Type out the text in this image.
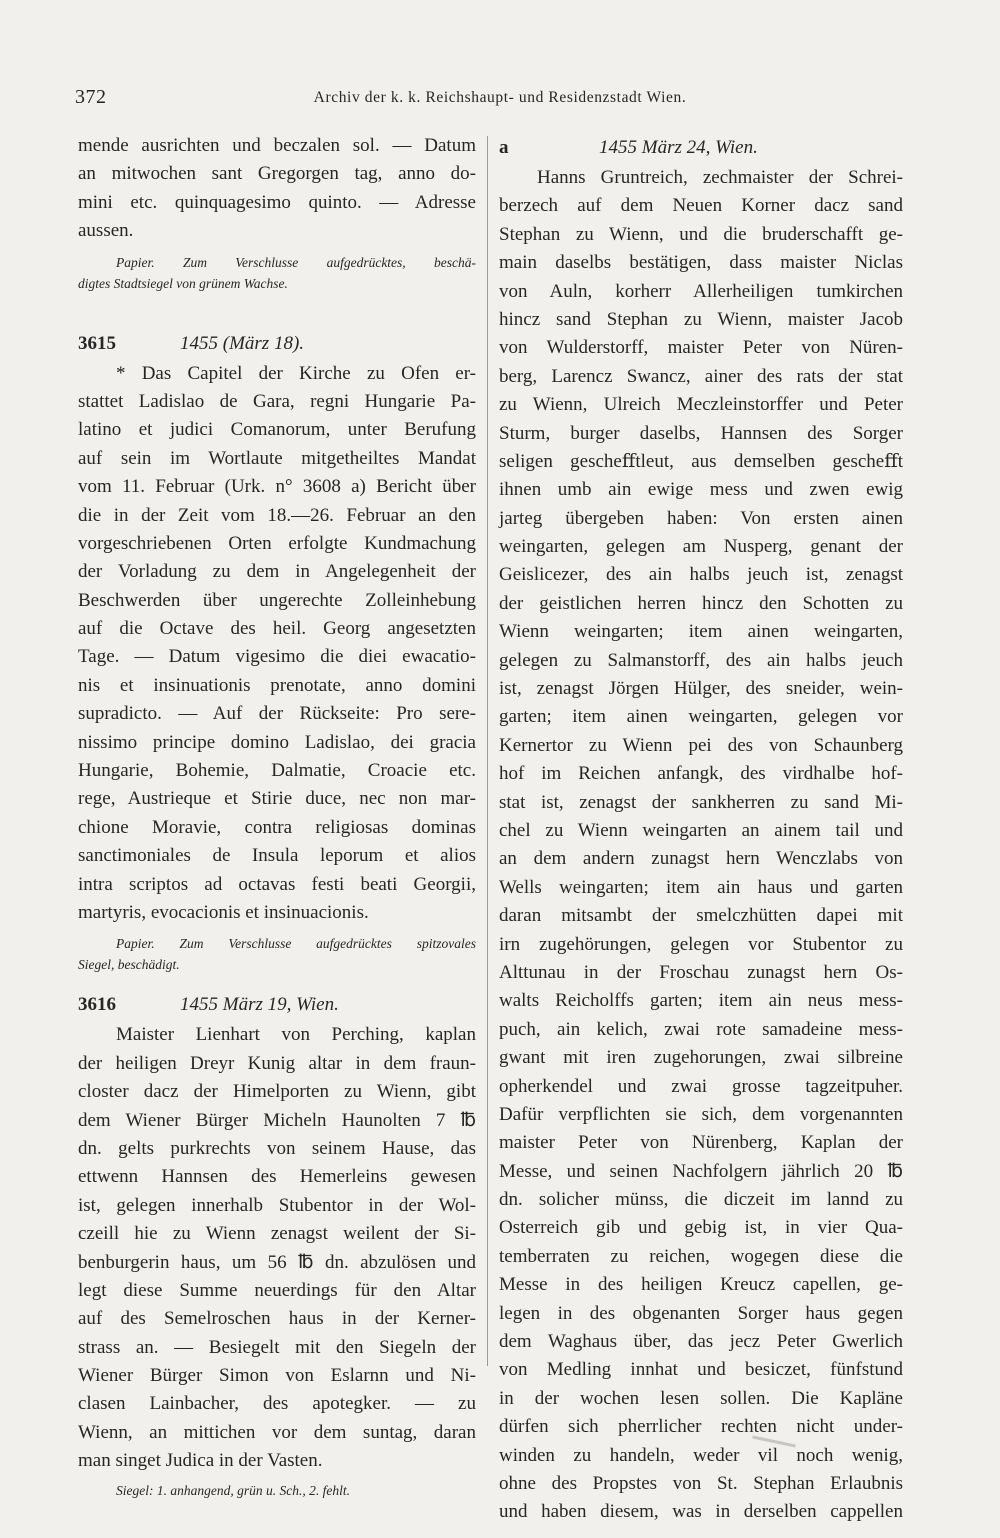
372	Archiv der k. k. Reichshaupt- und Residenzstadt Wien.
mende ausrichten und beczalen sol. — Datum
an mitwochen sant Gregorgen tag, anno do-
mini etc. quinquagesimo quinto. — Adresse
aussen.
Papier. Zum Verschlusse aufgedrücktes, beschä-
digtes Stadtsiegel von grünem Wachse.
3615	1455 (März 18).
* Das Capitel der Kirche zu Ofen er-
stattet Ladislao de Gara, regni Hungarie Pa-
latino et judici Comanorum, unter Berufung
auf sein im Wortlaute mitgetheiltes Mandat
vom 11. Februar (Urk. n° 3608 a) Bericht über
die in der Zeit vom 18.—26. Februar an den
vorgeschriebenen Orten erfolgte Kundmachung
der Vorladung zu dem in Angelegenheit der
Beschwerden über ungerechte Zolleinhebung
auf die Octave des heil. Georg angesetzten
Tage. — Datum vigesimo die diei ewacatio-
nis et insinuationis prenotate, anno domini
supradicto. — Auf der Rückseite: Pro sere-
nissimo principe domino Ladislao, dei gracia
Hungarie, Bohemie, Dalmatie, Croacie etc.
rege, Austrieque et Stirie duce, nec non mar-
chione Moravie, contra religiosas dominas
sanctimoniales de Insula leporum et alios
intra scriptos ad octavas festi beati Georgii,
martyris, evocacionis et insinuacionis.
Papier. Zum Verschlusse aufgedrücktes spitzovales
Siegel, beschädigt.
3616	1455 März 19, Wien.
Maister Lienhart von Perching, kaplan
der heiligen Dreyr Kunig altar in dem fraun-
closter dacz der Himelporten zu Wienn, gibt
dem Wiener Bürger Micheln Haunolten 7 ℔
dn. gelts purkrechts von seinem Hause, das
ettwenn Hannsen des Hemerleins gewesen
ist, gelegen innerhalb Stubentor in der Wol-
czeill hie zu Wienn zenagst weilent der Si-
benburgerin haus, um 56 ℔ dn. abzulösen und
legt diese Summe neuerdings für den Altar
auf des Semelroschen haus in der Kerner-
strass an. — Besiegelt mit den Siegeln der
Wiener Bürger Simon von Eslarnn und Ni-
clasen Lainbacher, des apotegker. — zu
Wienn, an mittichen vor dem suntag, daran
man singet Judica in der Vasten.
Siegel: 1. anhangend, grün u. Sch., 2. fehlt.
a	1455 März 24, Wien.
Hanns Gruntreich, zechmaister der Schrei-
berzech auf dem Neuen Korner dacz sand
Stephan zu Wienn, und die bruderschafft ge-
main daselbs bestätigen, dass maister Niclas
von Auln, korherr Allerheiligen tumkirchen
hincz sand Stephan zu Wienn, maister Jacob
von Wulderstorff, maister Peter von Nüren-
berg, Larencz Swancz, ainer des rats der stat
zu Wienn, Ulreich Meczleinstorffer und Peter
Sturm, burger daselbs, Hannsen des Sorger
seligen gescheﬀtleut, aus demselben gescheﬀt
ihnen umb ain ewige mess und zwen ewig
jarteg übergeben haben: Von ersten ainen
weingarten, gelegen am Nusperg, genant der
Geislicezer, des ain halbs jeuch ist, zenagst
der geistlichen herren hincz den Schotten zu
Wienn weingarten; item ainen weingarten,
gelegen zu Salmanstorff, des ain halbs jeuch
ist, zenagst Jörgen Hülger, des sneider, wein-
garten; item ainen weingarten, gelegen vor
Kernertor zu Wienn pei des von Schaunberg
hof im Reichen anfangk, des virdhalbe hof-
stat ist, zenagst der sankherren zu sand Mi-
chel zu Wienn weingarten an ainem tail und
an dem andern zunagst hern Wenczlabs von
Wells weingarten; item ain haus und garten
daran mitsambt der smelczhütten dapei mit
irn zugehörungen, gelegen vor Stubentor zu
Alttunau in der Froschau zunagst hern Os-
walts Reicholffs garten; item ain neus mess-
puch, ain kelich, zwai rote samadeine mess-
gwant mit iren zugehorungen, zwai silbreine
opherkendel und zwai grosse tagzeitpuher.
Dafür verpflichten sie sich, dem vorgenannten
maister Peter von Nürenberg, Kaplan der
Messe, und seinen Nachfolgern jährlich 20 ℔
dn. solicher münss, die diczeit im lannd zu
Osterreich gib und gebig ist, in vier Qua-
temberraten zu reichen, wogegen diese die
Messe in des heiligen Kreucz capellen, ge-
legen in des obgenanten Sorger haus gegen
dem Waghaus über, das jecz Peter Gwerlich
von Medling innhat und besiczet, fünfstund
in der wochen lesen sollen. Die Kapläne
dürfen sich pherrlicher rechten nicht under-
winden zu handeln, weder vil noch wenig,
ohne des Propstes von St. Stephan Erlaubnis
und haben diesem, was in derselben cappellen
